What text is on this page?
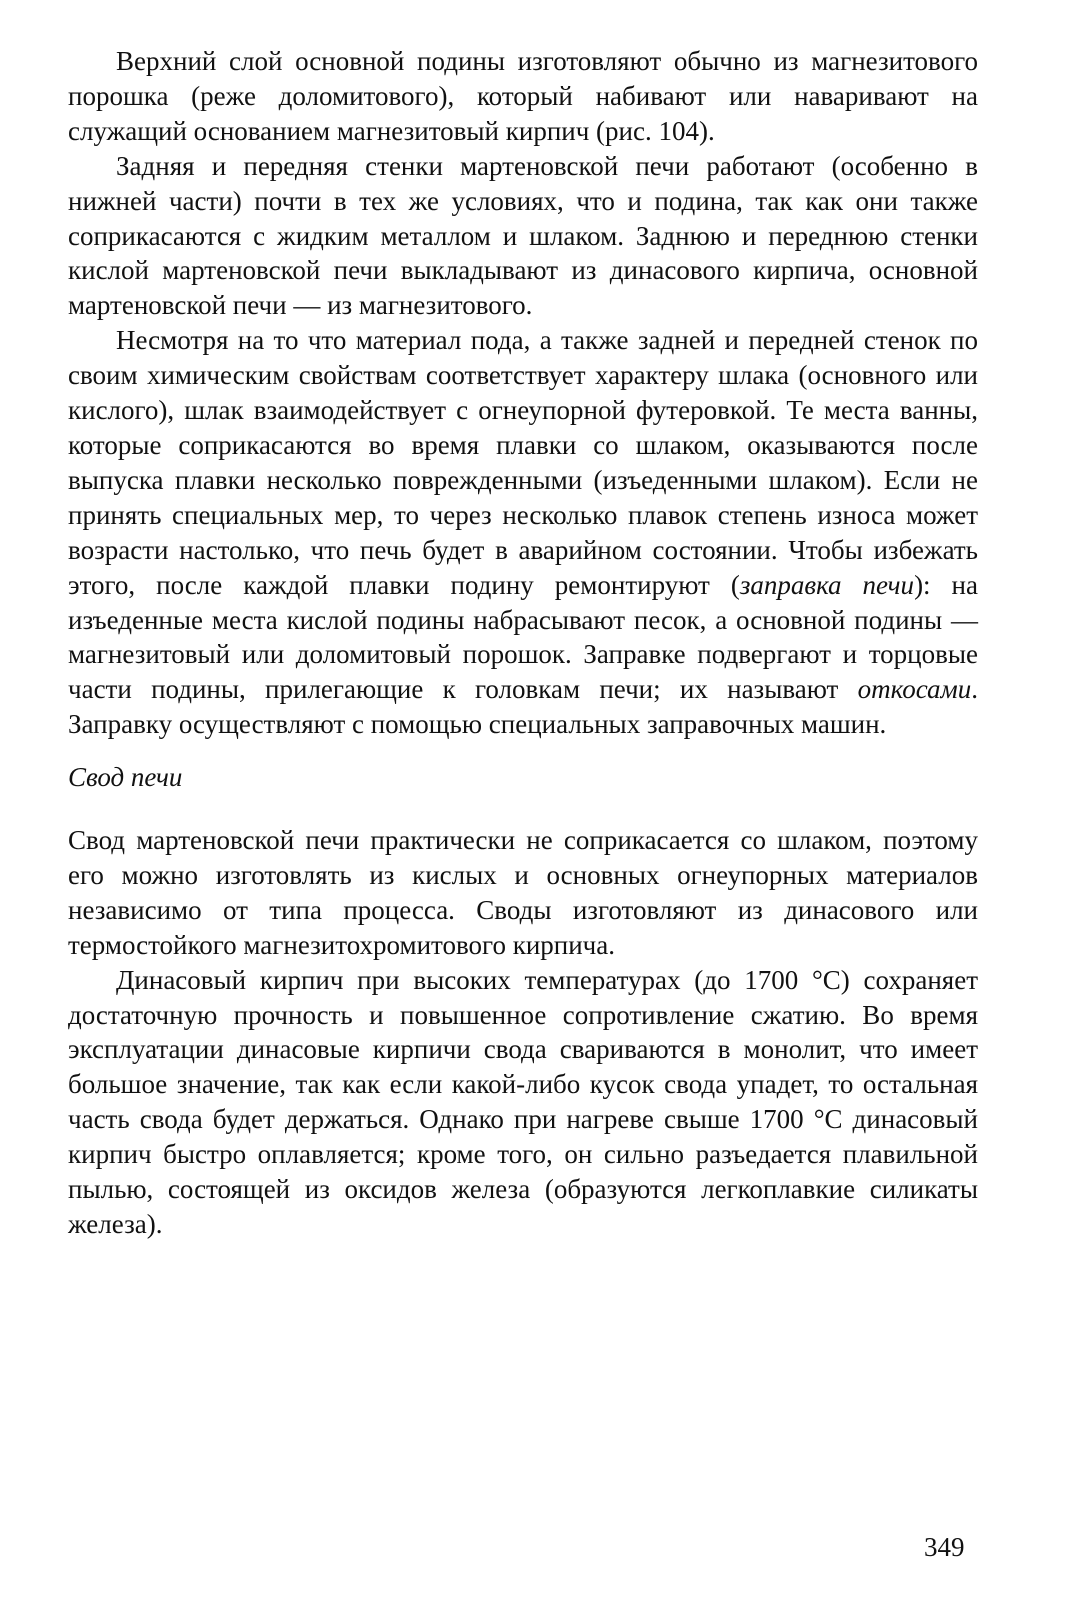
Верхний слой основной подины изготовляют обычно из магнезитового порошка (реже доломитового), который набивают или наваривают на служащий основанием магнезитовый кирпич (рис. 104).

Задняя и передняя стенки мартеновской печи работают (особенно в нижней части) почти в тех же условиях, что и подина, так как они также соприкасаются с жидким металлом и шлаком. Заднюю и переднюю стенки кислой мартеновской печи выкладывают из динасового кирпича, основной мартеновской печи — из магнезитового.

Несмотря на то что материал пода, а также задней и передней стенок по своим химическим свойствам соответствует характеру шлака (основного или кислого), шлак взаимодействует с огнеупорной футеровкой. Те места ванны, которые соприкасаются во время плавки со шлаком, оказываются после выпуска плавки несколько поврежденными (изъеденными шлаком). Если не принять специальных мер, то через несколько плавок степень износа может возрасти настолько, что печь будет в аварийном состоянии. Чтобы избежать этого, после каждой плавки подину ремонтируют (заправка печи): на изъеденные места кислой подины набрасывают песок, а основной подины — магнезитовый или доломитовый порошок. Заправке подвергают и торцовые части подины, прилегающие к головкам печи; их называют откосами. Заправку осуществляют с помощью специальных заправочных машин.

Свод печи

Свод мартеновской печи практически не соприкасается со шлаком, поэтому его можно изготовлять из кислых и основных огнеупорных материалов независимо от типа процесса. Своды изготовляют из динасового или термостойкого магнезитохромитового кирпича.

Динасовый кирпич при высоких температурах (до 1700 °С) сохраняет достаточную прочность и повышенное сопротивление сжатию. Во время эксплуатации динасовые кирпичи свода свариваются в монолит, что имеет большое значение, так как если какой-либо кусок свода упадет, то остальная часть свода будет держаться. Однако при нагреве свыше 1700 °С динасовый кирпич быстро оплавляется; кроме того, он сильно разъедается плавильной пылью, состоящей из оксидов железа (образуются легкоплавкие силикаты железа).

349
